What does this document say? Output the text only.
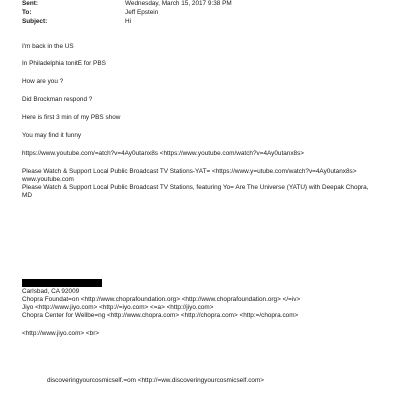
Sent:	Wednesday, March 15, 2017 9:38 PM
To:	Jeff Epstein
Subject:	Hi
I'm back in the US
In Philadelphia tonitE for PBS
How are you ?
Did Brockman respond ?
Here is first 3 min of my PBS show
You may find it funny
https://www.youtube.com/=atch?v=4Ay0utanx8s <https://www.youtube.com/watch?v=4Ay0utanx8s>
Please Watch & Support Local Public Broadcast TV Stations-YAT= <https://www.y=utube.com/watch?v=4Ay0utanx8s>
www.youtube.com
Please Watch & Support Local Public Broadcast TV Stations, featuring Yo= Are The Universe (YATU) with Deepak Chopra,
MD
Carlsbad, CA 92009
Chopra Foundat=on <http://www.choprafoundation.org> <http://www.choprafoundation.org> </=iv>
Jiyo <http://www.jiyo.com> <http://=iyo.com> <=a> <http://jiyo.com>
Chopra Center for Wellbe=ng <http://www.chopra.com> <http://chopra.com> <http:=/chopra.com>
<http://www.jiyo.com> <br>
discoveringyourcosmicself.=om <http://=ww.discoveringyourcosmicself.com>
